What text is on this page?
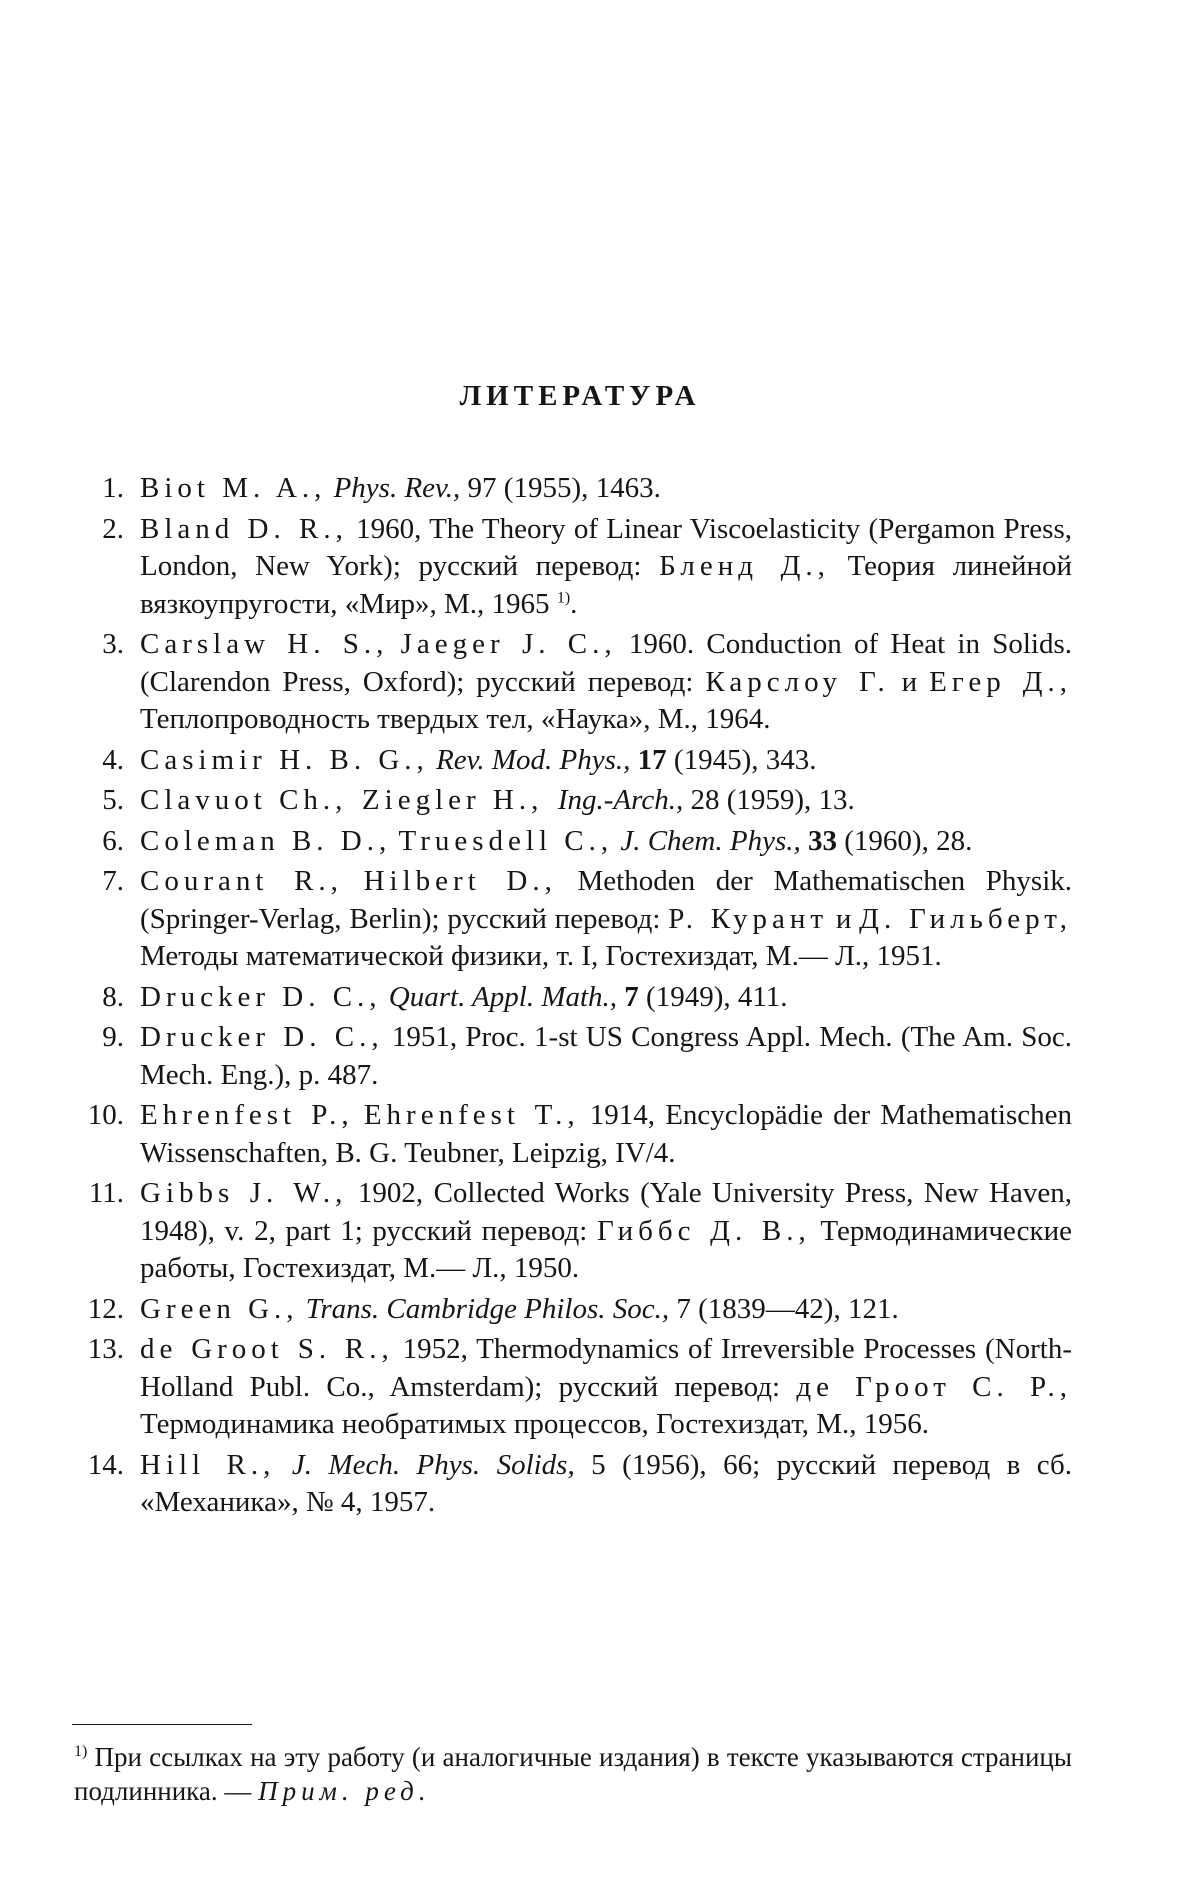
ЛИТЕРАТУРА
1. Biot M. A., Phys. Rev., 97 (1955), 1463.
2. Bland D. R., 1960, The Theory of Linear Viscoelasticity (Pergamon Press, London, New York); русский перевод: Бленд Д., Теория линейной вязкоупругости, «Мир», М., 1965 $^{1)}$.
3. Carslaw H. S., Jaeger J. C., 1960. Conduction of Heat in Solids. (Clarendon Press, Oxford); русский перевод: Карслоу Г. и Егер Д., Теплопроводность твердых тел, «Наука», М., 1964.
4. Casimir H. B. G., Rev. Mod. Phys., 17 (1945), 343.
5. Clavuot Ch., Ziegler H., Ing.-Arch., 28 (1959), 13.
6. Coleman B. D., Truesdell C., J. Chem. Phys., 33 (1960), 28.
7. Courant R., Hilbert D., Methoden der Mathematischen Physik. (Springer-Verlag, Berlin); русский перевод: Р. Курант и Д. Гильберт, Методы математической физики, т. I, Гостехиздат, М.— Л., 1951.
8. Drucker D. C., Quart. Appl. Math., 7 (1949), 411.
9. Drucker D. C., 1951, Proc. 1-st US Congress Appl. Mech. (The Am. Soc. Mech. Eng.), p. 487.
10. Ehrenfest P., Ehrenfest T., 1914, Encyclopädie der Mathematischen Wissenschaften, B. G. Teubner, Leipzig, IV/4.
11. Gibbs J. W., 1902, Collected Works (Yale University Press, New Haven, 1948), v. 2, part 1; русский перевод: Гиббс Д. В., Термодинамические работы, Гостехиздат, М.— Л., 1950.
12. Green G., Trans. Cambridge Philos. Soc., 7 (1839—42), 121.
13. de Groot S. R., 1952, Thermodynamics of Irreversible Processes (North-Holland Publ. Co., Amsterdam); русский перевод: де Гроот С. Р., Термодинамика необратимых процессов, Гостехиздат, М., 1956.
14. Hill R., J. Mech. Phys. Solids, 5 (1956), 66; русский перевод в сб. «Механика», № 4, 1957.
$^{1)}$ При ссылках на эту работу (и аналогичные издания) в тексте указываются страницы подлинника. — Прим. ред.
